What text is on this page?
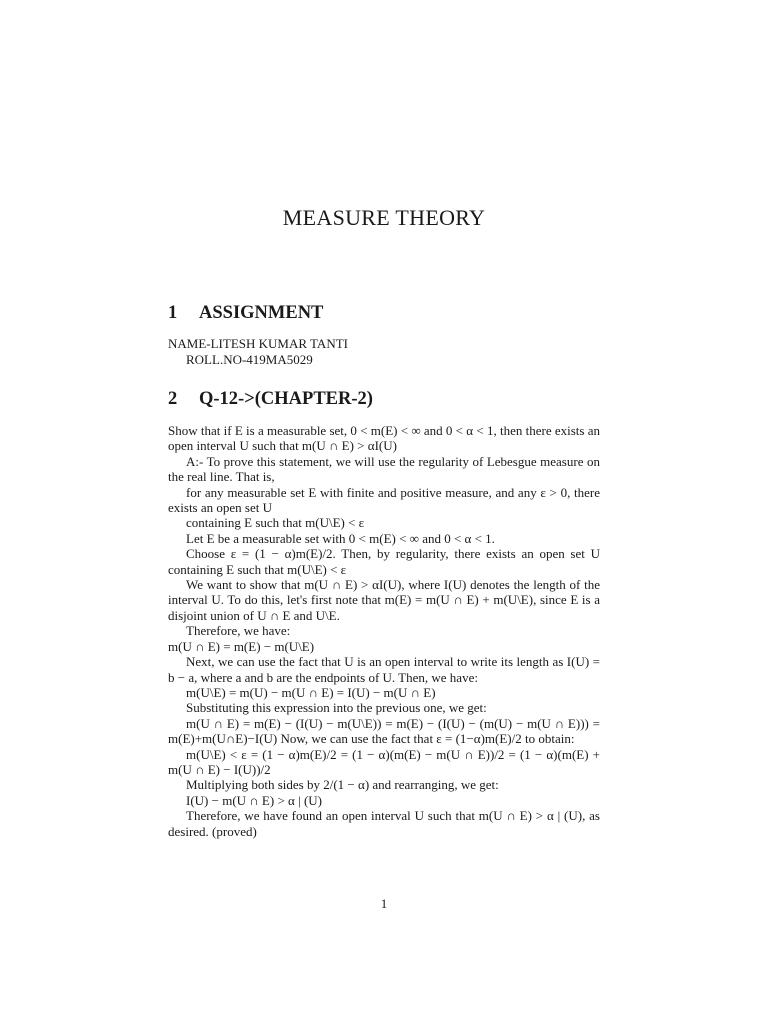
MEASURE THEORY
1 ASSIGNMENT
NAME-LITESH KUMAR TANTI
ROLL.NO-419MA5029
2 Q-12->(CHAPTER-2)

Show that if E is a measurable set, 0 < m(E) < ∞ and 0 < α < 1, then there exists an open interval U such that m(U ∩ E) > αI(U)

A:- To prove this statement, we will use the regularity of Lebesgue measure on the real line. That is,

for any measurable set E with finite and positive measure, and any ε > 0, there exists an open set U

containing E such that m(U\E) < ε

Let E be a measurable set with 0 < m(E) < ∞ and 0 < α < 1.

Choose ε = (1 − α)m(E)/2. Then, by regularity, there exists an open set U containing E such that m(U\E) < ε

We want to show that m(U ∩ E) > αI(U), where I(U) denotes the length of the interval U. To do this, let's first note that m(E) = m(U ∩ E) + m(U\E), since E is a disjoint union of U ∩ E and U\E.

Therefore, we have:

m(U ∩ E) = m(E) − m(U\E)

Next, we can use the fact that U is an open interval to write its length as I(U) = b − a, where a and b are the endpoints of U. Then, we have:

m(U\E) = m(U) − m(U ∩ E) = I(U) − m(U ∩ E)

Substituting this expression into the previous one, we get:

m(U ∩ E) = m(E) − (I(U) − m(U\E)) = m(E) − (I(U) − (m(U) − m(U ∩ E))) = m(E)+m(U∩E)−I(U) Now, we can use the fact that ε = (1−α)m(E)/2 to obtain:

m(U\E) < ε = (1 − α)m(E)/2 = (1 − α)(m(E) − m(U ∩ E))/2 = (1 − α)(m(E) + m(U ∩ E) − I(U))/2

Multiplying both sides by 2/(1 − α) and rearranging, we get:

I(U) − m(U ∩ E) > α | (U)

Therefore, we have found an open interval U such that m(U ∩ E) > α | (U), as desired. (proved)

1
